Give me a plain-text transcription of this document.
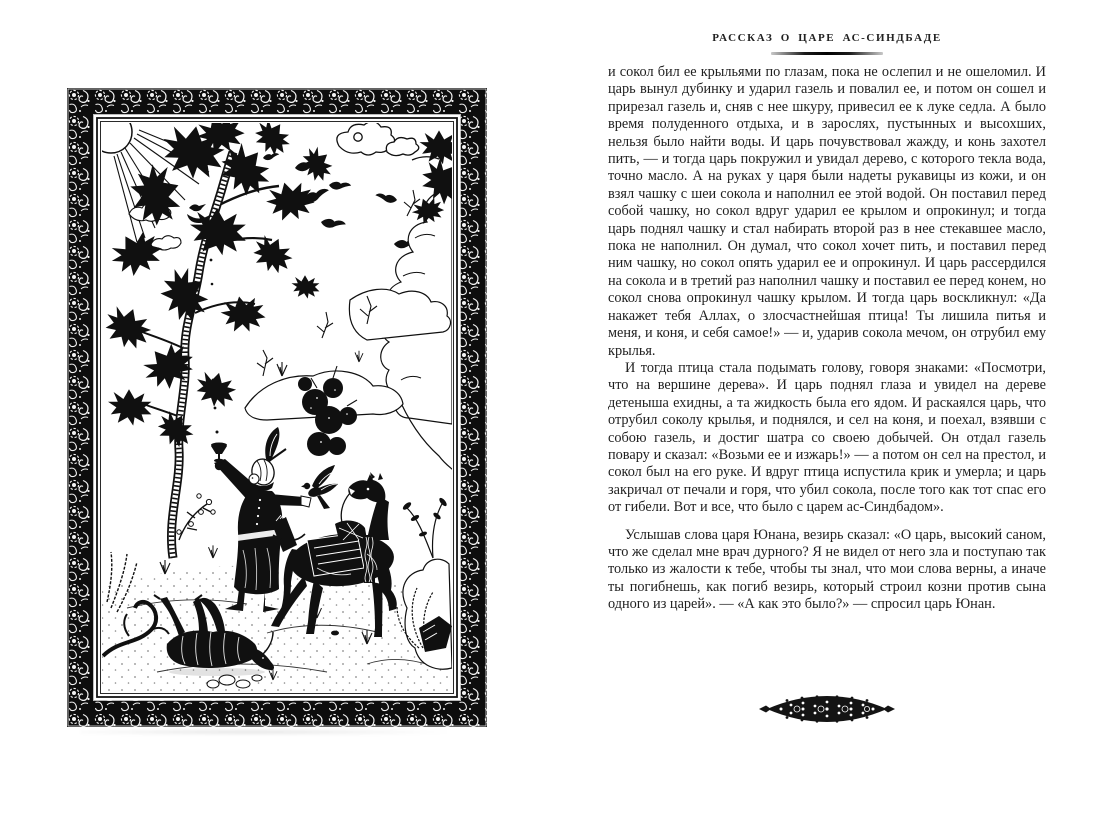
РАССКАЗ О ЦАРЕ АС-СИНДБАДЕ

и сокол бил ее крыльями по глазам, пока не ослепил и не ошеломил. И царь вынул дубинку и ударил газель и повалил ее, и потом он сошел и прирезал газель и, сняв с нее шкуру, привесил ее к луке седла. А было время полуденного отдыха, и в зарослях, пустынных и высохших, нельзя было найти воды. И царь почувствовал жажду, и конь захотел пить, — и тогда царь покружил и увидал дерево, с которого текла вода, точно масло. А на руках у царя были надеты рукавицы из кожи, и он взял чашку с шеи сокола и наполнил ее этой водой. Он поставил перед собой чашку, но сокол вдруг ударил ее крылом и опрокинул; и тогда царь поднял чашку и стал набирать второй раз в нее стекавшее масло, пока не наполнил. Он думал, что сокол хочет пить, и поставил перед ним чашку, но сокол опять ударил ее и опрокинул. И царь рассердился на сокола и в третий раз наполнил чашку и поставил ее перед конем, но сокол снова опрокинул чашку крылом. И тогда царь воскликнул: «Да накажет тебя Аллах, о злосчастнейшая птица! Ты лишила питья и меня, и коня, и себя самое!» — и, ударив сокола мечом, он отрубил ему крылья.

И тогда птица стала подымать голову, говоря знаками: «Посмотри, что на вершине дерева». И царь поднял глаза и увидел на дереве детеныша ехидны, а та жидкость была его ядом. И раскаялся царь, что отрубил соколу крылья, и поднялся, и сел на коня, и поехал, взявши с собою газель, и достиг шатра со своею добычей. Он отдал газель повару и сказал: «Возьми ее и изжарь!» — а потом он сел на престол, и сокол был на его руке. И вдруг птица испустила крик и умерла; и царь закричал от печали и горя, что убил сокола, после того как тот спас его от гибели. Вот и все, что было с царем ас-Синдбадом».

Услышав слова царя Юнана, везирь сказал: «О царь, высокий саном, что же сделал мне врач дурного? Я не видел от него зла и поступаю так только из жалости к тебе, чтобы ты знал, что мои слова верны, а иначе ты погибнешь, как погиб везирь, который строил козни против сына одного из царей». — «А как это было?» — спросил царь Юнан.
